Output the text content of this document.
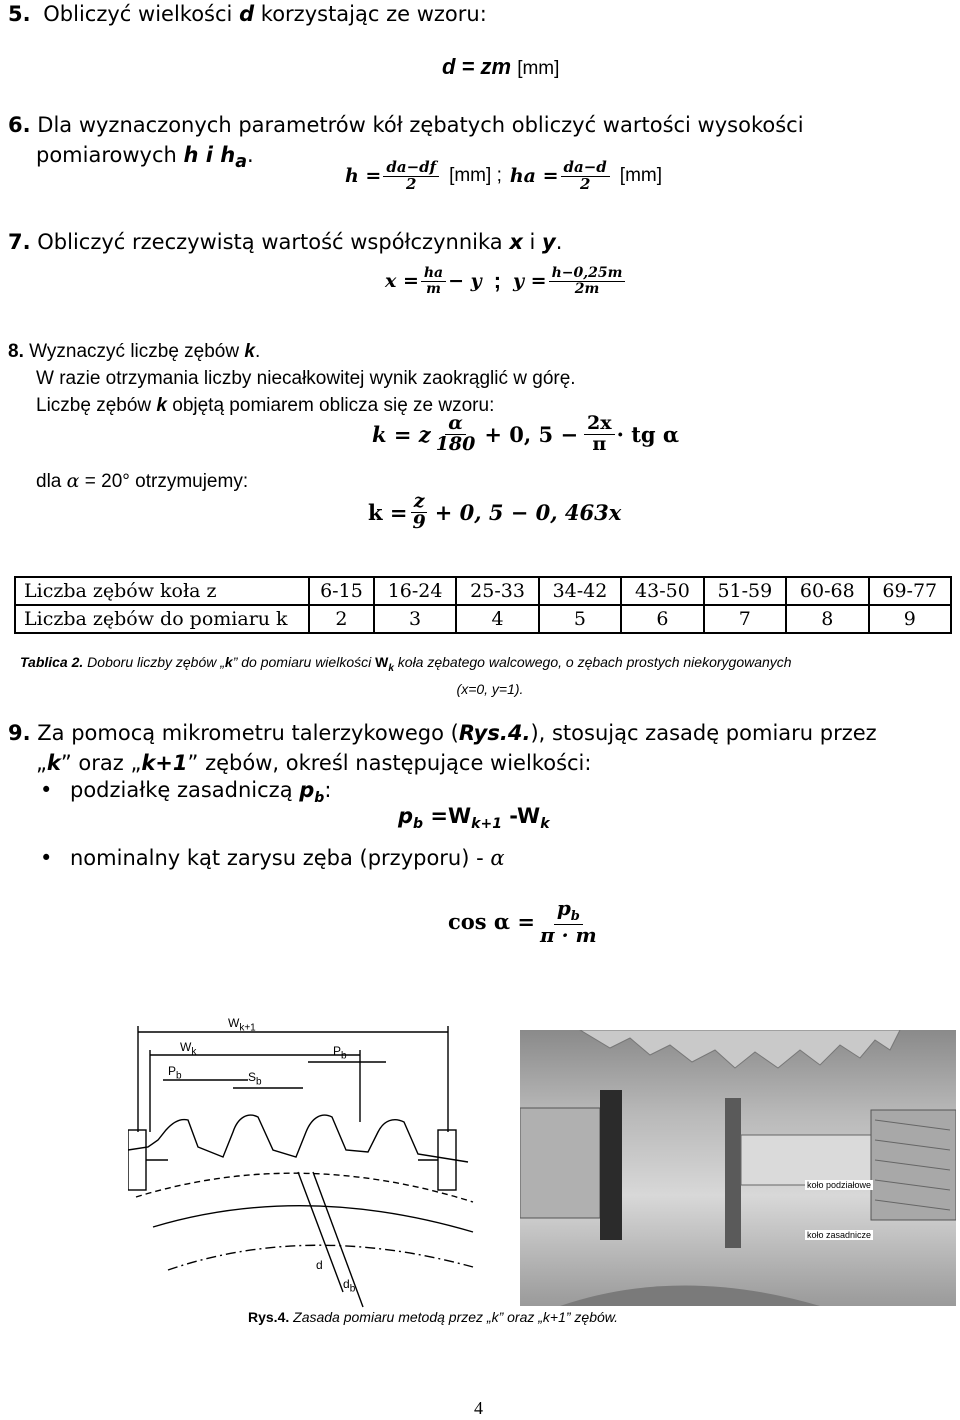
5. Obliczyć wielkości d korzystając ze wzoru:
d = zm [mm]
6. Dla wyznaczonych parametrów kół zębatych obliczyć wartości wysokości
pomiarowych h i $h_a$.
$h = \frac{da-df}{2} [mm]$ ; ha = $\frac{da-d}{2} [mm]$
7. Obliczyć rzeczywistą wartość współczynnika x i y.
$x = \frac{ha}{m} - y$ ; $y = \frac{h-0,25m}{2m}$
8. Wyznaczyć liczbę zębów k.
W razie otrzymania liczby niecałkowitej wynik zaokrąglić w górę.
Liczbę zębów k objętą pomiarem oblicza się ze wzoru:
k = z $\frac{\alpha}{180} + 0$, $5 - \frac{2x}{\pi}$ · tg α
dla α = 20° otrzymujemy:
$k = \frac{z}{9} + 0$, 5 − 0, 463x
Liczba zębów koła z	6-15	16-24	25-33	34-42	43-50	51-59	60-68	69-77
Liczba zębów do pomiaru k	2	3	4	5	6	7	8	9
Tablica 2. Doboru liczby zębów „k” do pomiaru wielkości $W_k$ koła zębatego walcowego, o zębach prostych niekorygowanych
(x=0, y=1).
9. Za pomocą mikrometru talerzykowego (Rys.4.), stosując zasadę pomiaru przez
„k” oraz „k+1” zębów, określ następujące wielkości:
• podziałkę zasadniczą $p_b$:
$p_b =W_{k+1}$ $-W_k$
• nominalny kąt zarysu zęba (przyporu) - α
$\cos \alpha = \frac{p_b}{\pi \cdot m}$
$W_{k+1}$
$W_k$
$P_b$
$P_b$
$S_b$
d
$d_b$
koło podziałowe
koło zasadnicze
Rys.4. Zasada pomiaru metodą przez „k” oraz „k+1” zębów.
4
